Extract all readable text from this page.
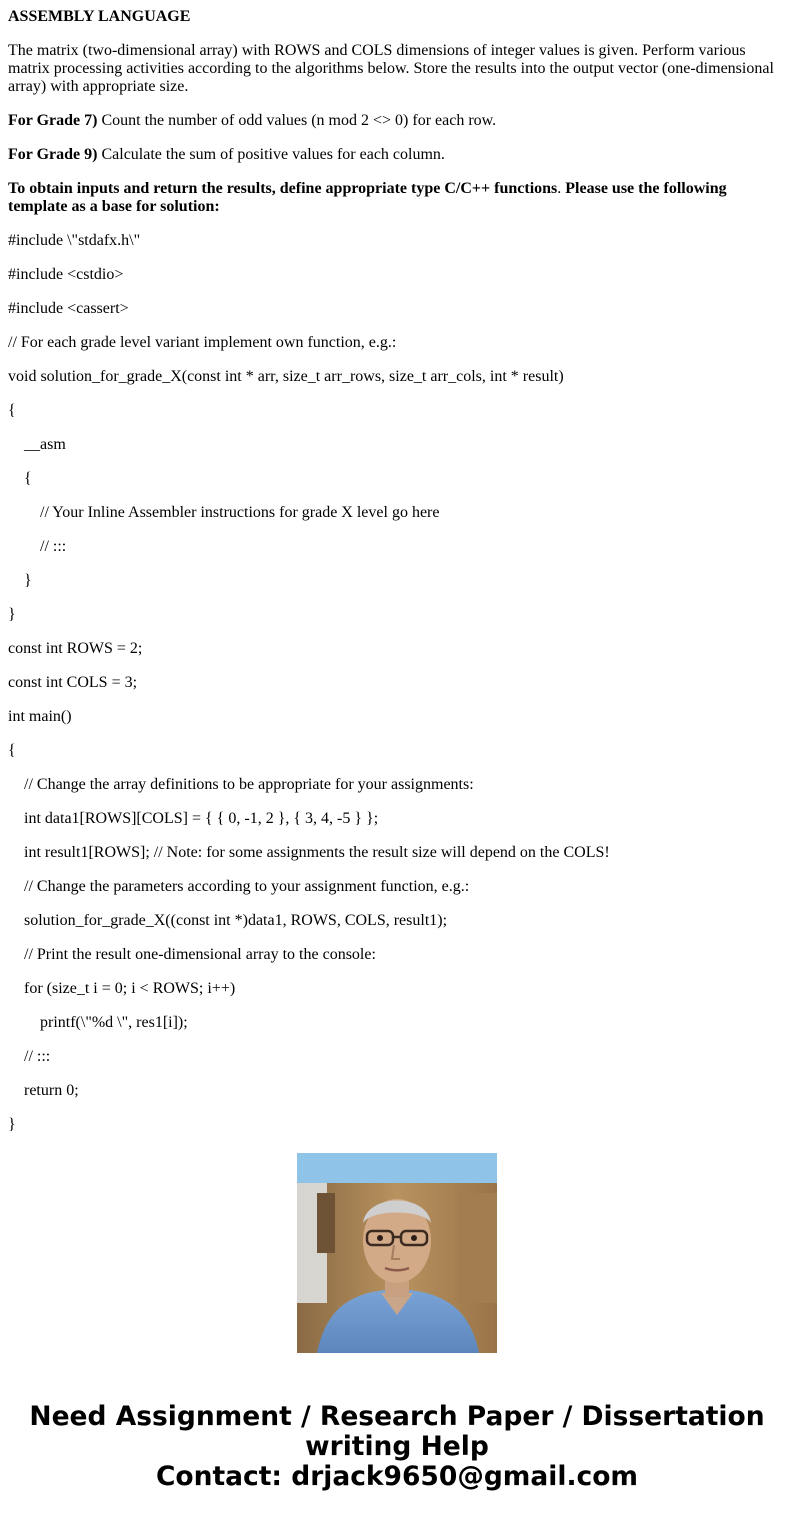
ASSEMBLY LANGUAGE

The matrix (two-dimensional array) with ROWS and COLS dimensions of integer values is given. Perform various matrix processing activities according to the algorithms below. Store the results into the output vector (one-dimensional array) with appropriate size.

For Grade 7) Count the number of odd values (n mod 2 <> 0) for each row.

For Grade 9) Calculate the sum of positive values for each column.

To obtain inputs and return the results, define appropriate type C/C++ functions. Please use the following template as a base for solution:

#include \"stdafx.h\"

#include <cstdio>

#include <cassert>

// For each grade level variant implement own function, e.g.:

void solution_for_grade_X(const int * arr, size_t arr_rows, size_t arr_cols, int * result)

{

__asm

{

// Your Inline Assembler instructions for grade X level go here

// :::

}

}

const int ROWS = 2;

const int COLS = 3;

int main()

{

// Change the array definitions to be appropriate for your assignments:

int data1[ROWS][COLS] = { { 0, -1, 2 }, { 3, 4, -5 } };

int result1[ROWS]; // Note: for some assignments the result size will depend on the COLS!

// Change the parameters according to your assignment function, e.g.:

solution_for_grade_X((const int *)data1, ROWS, COLS, result1);

// Print the result one-dimensional array to the console:

for (size_t i = 0; i < ROWS; i++)

printf(\"%d \", res1[i]);

// :::

return 0;

}

Need Assignment / Research Paper / Dissertation
writing Help
Contact: drjack9650@gmail.com
